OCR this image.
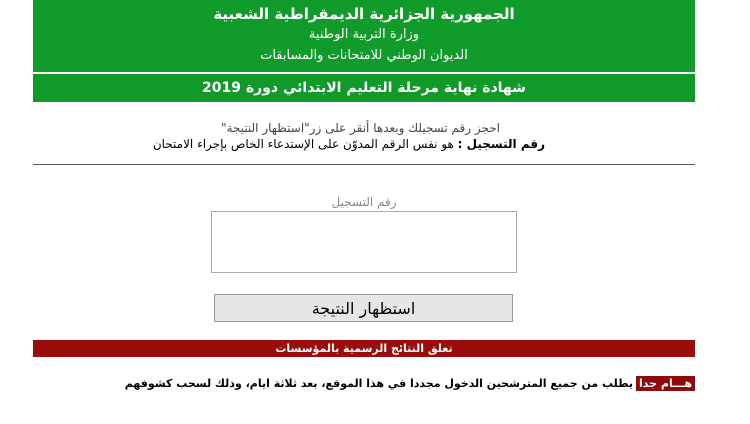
الجمهورية الجزائرية الديمقراطية الشعبية
وزارة التربية الوطنية
الديوان الوطني للامتحانات والمسابقات
شهادة نهاية مرحلة التعليم الابتدائي دورة 2019
احجز رقم تسجيلك وبعدها أنقر على زر"استظهار النتيجة"
رقم التسجيل : هو نفس الرقم المدوّن على الإستدعاء الخاص بإجراء الامتحان
رقم التسجيل
استظهار النتيجة
تعلق النتائج الرسمية بالمؤسسات
هـــام جدايطلب من جميع المترشحين الدخول مجددا في هذا الموقع، بعد ثلاثة ايام، وذلك لسحب كشوفهم
